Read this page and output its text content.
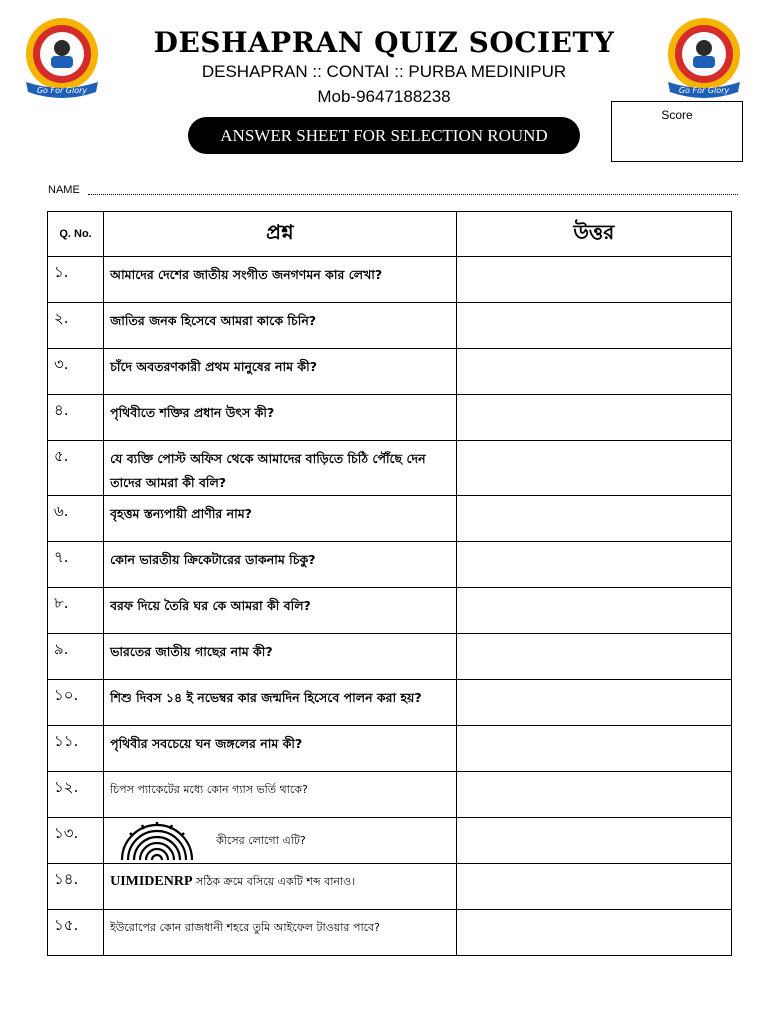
Go For Glory	Go For Glory
DESHAPRAN QUIZ SOCIETY
DESHAPRAN :: CONTAI :: PURBA MEDINIPUR
Mob-9647188238
ANSWER SHEET FOR SELECTION ROUND
Score
NAME
Q. No.	প্রশ্ন	উত্তর
১.	আমাদের দেশের জাতীয় সংগীত জনগণমন কার লেখা?	
২.	জাতির জনক হিসেবে আমরা কাকে চিনি?	
৩.	চাঁদে অবতরণকারী প্রথম মানুষের নাম কী?	
৪.	পৃথিবীতে শক্তির প্রধান উৎস কী?	
৫.	যে ব্যক্তি পোস্ট অফিস থেকে আমাদের বাড়িতে চিঠি পৌঁছে দেন তাদের আমরা কী বলি?	
৬.	বৃহত্তম স্তন্যপায়ী প্রাণীর নাম?	
৭.	কোন ভারতীয় ক্রিকেটারের ডাকনাম চিকু?	
৮.	বরফ দিয়ে তৈরি ঘর কে আমরা কী বলি?	
৯.	ভারতের জাতীয় গাছের নাম কী?	
১০.	শিশু দিবস ১৪ ই নভেম্বর কার জন্মদিন হিসেবে পালন করা হয়?	
১১.	পৃথিবীর সবচেয়ে ঘন জঙ্গলের নাম কী?	
১২.	চিপস প্যাকেটের মধ্যে কোন গ্যাস ভর্তি থাকে?	
১৩.	কীসের লোগো এটি?	

১৪.	UIMIDENRP সঠিক ক্রমে বসিয়ে একটি শব্দ বানাও।	
১৫.	ইউরোপের কোন রাজধানী শহরে তুমি আইফেল টাওয়ার পাবে?	
